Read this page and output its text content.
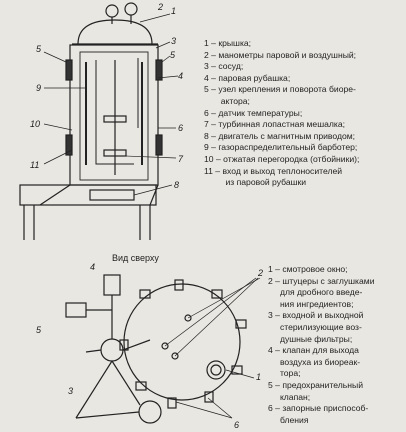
1
2
3
4
5
5
6
7
8
9
10
11
1
2
3
4
5
6
1 – крышка;
2 – манометры паровой и воздушный;
3 – сосуд;
4 – паровая рубашка;
5 – узел крепления и поворота биоре-
актора;
6 – датчик температуры;
7 – турбинная лопастная мешалка;
8 – двигатель с магнитным приводом;
9 – газораспределительный барботер;
10 – отжатая перегородка (отбойники);
11 – вход и выход теплоносителей
из паровой рубашки
Вид сверху
1 – смотровое окно;
2 – штуцеры с заглушками
для дробного введе-
ния ингредиентов;
3 – входной и выходной
стерилизующие воз-
душные фильтры;
4 – клапан для выхода
воздуха из биореак-
тора;
5 – предохранительный
клапан;
6 – запорные приспособ-
бления
